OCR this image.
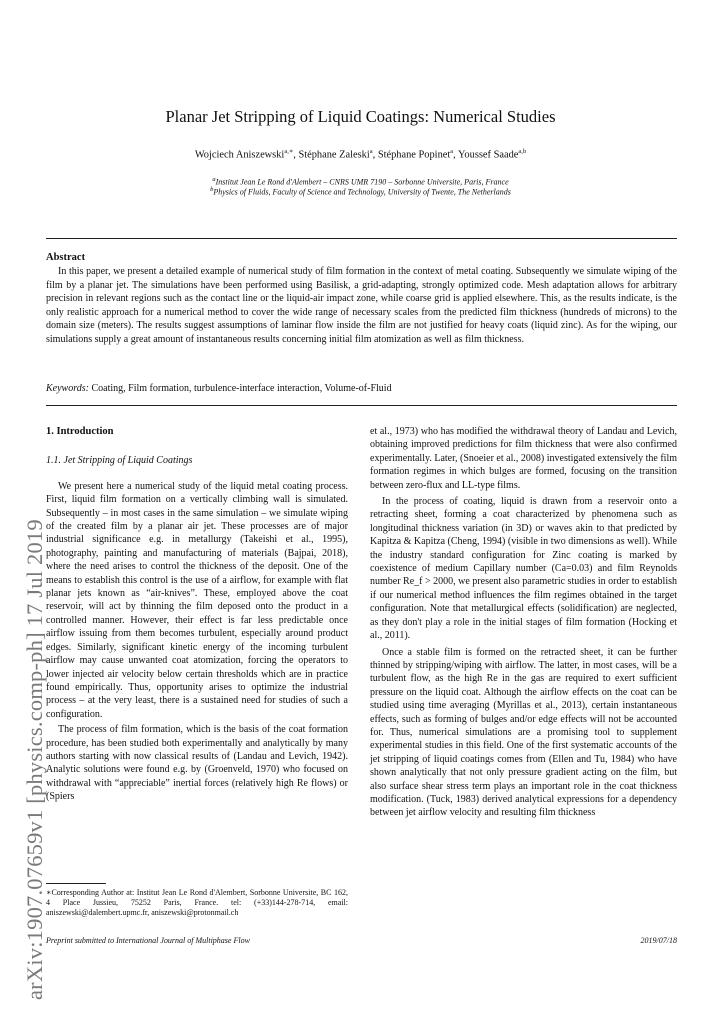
arXiv:1907.07659v1 [physics.comp-ph] 17 Jul 2019
Planar Jet Stripping of Liquid Coatings: Numerical Studies
Wojciech Aniszewski$^{a,∗}$, Stéphane Zaleski$^a$, Stéphane Popinet$^a$, Youssef Saade$^{a,b}$
$^a$Institut Jean Le Rond d'Alembert – CNRS UMR 7190 – Sorbonne Universite, Paris, France
$^b$Physics of Fluids, Faculty of Science and Technology, University of Twente, The Netherlands
Abstract

In this paper, we present a detailed example of numerical study of film formation in the context of metal coating. Subsequently we simulate wiping of the film by a planar jet. The simulations have been performed using Basilisk, a grid-adapting, strongly optimized code. Mesh adaptation allows for arbitrary precision in relevant regions such as the contact line or the liquid-air impact zone, while coarse grid is applied elsewhere. This, as the results indicate, is the only realistic approach for a numerical method to cover the wide range of necessary scales from the predicted film thickness (hundreds of microns) to the domain size (meters). The results suggest assumptions of laminar flow inside the film are not justified for heavy coats (liquid zinc). As for the wiping, our simulations supply a great amount of instantaneous results concerning initial film atomization as well as film thickness.

Keywords: Coating, Film formation, turbulence-interface interaction, Volume-of-Fluid
1. Introduction
1.1. Jet Stripping of Liquid Coatings

We present here a numerical study of the liquid metal coating process. First, liquid film formation on a vertically climbing wall is simulated. Subsequently – in most cases in the same simulation – we simulate wiping of the created film by a planar air jet. These processes are of major industrial significance e.g. in metallurgy (Takeishi et al., 1995), photography, painting and manufacturing of materials (Bajpai, 2018), where the need arises to control the thickness of the deposit. One of the means to establish this control is the use of a airflow, for example with flat planar jets known as “air-knives”. These, employed above the coat reservoir, will act by thinning the film deposed onto the product in a controlled manner. However, their effect is far less predictable once airflow issuing from them becomes turbulent, especially around product edges. Similarly, significant kinetic energy of the incoming turbulent airflow may cause unwanted coat atomization, forcing the operators to lower injected air velocity below certain thresholds which are in practice found empirically. Thus, opportunity arises to optimize the industrial process – at the very least, there is a sustained need for studies of such a configuration.

The process of film formation, which is the basis of the coat formation procedure, has been studied both experimentally and analytically by many authors starting with now classical results of (Landau and Levich, 1942). Analytic solutions were found e.g. by (Groenveld, 1970) who focused on withdrawal with “appreciable” inertial forces (relatively high Re flows) or (Spiers

∗Corresponding Author at: Institut Jean Le Rond d'Alembert, Sorbonne Universite, BC 162, 4 Place Jussieu, 75252 Paris, France. tel: (+33)144-278-714, email: aniszewski@dalembert.upmc.fr, aniszewski@protonmail.ch

et al., 1973) who has modified the withdrawal theory of Landau and Levich, obtaining improved predictions for film thickness that were also confirmed experimentally. Later, (Snoeier et al., 2008) investigated extensively the film formation regimes in which bulges are formed, focusing on the transition between zero-flux and LL-type films.

In the process of coating, liquid is drawn from a reservoir onto a retracting sheet, forming a coat characterized by phenomena such as longitudinal thickness variation (in 3D) or waves akin to that predicted by Kapitza & Kapitza (Cheng, 1994) (visible in two dimensions as well). While the industry standard configuration for Zinc coating is marked by coexistence of medium Capillary number (Ca=0.03) and film Reynolds number Re_f > 2000, we present also parametric studies in order to establish if our numerical method influences the film regimes obtained in the target configuration. Note that metallurgical effects (solidification) are neglected, as they don't play a role in the initial stages of film formation (Hocking et al., 2011).

Once a stable film is formed on the retracted sheet, it can be further thinned by stripping/wiping with airflow. The latter, in most cases, will be a turbulent flow, as the high Re in the gas are required to exert sufficient pressure on the liquid coat. Although the airflow effects on the coat can be studied using time averaging (Myrillas et al., 2013), certain instantaneous effects, such as forming of bulges and/or edge effects will not be accounted for. Thus, numerical simulations are a promising tool to supplement experimental studies in this field. One of the first systematic accounts of the jet stripping of liquid coatings comes from (Ellen and Tu, 1984) who have shown analytically that not only pressure gradient acting on the film, but also surface shear stress term plays an important role in the coat thickness modification. (Tuck, 1983) derived analytical expressions for a dependency between jet airflow velocity and resulting film thickness

Preprint submitted to International Journal of Multiphase Flow	2019/07/18
